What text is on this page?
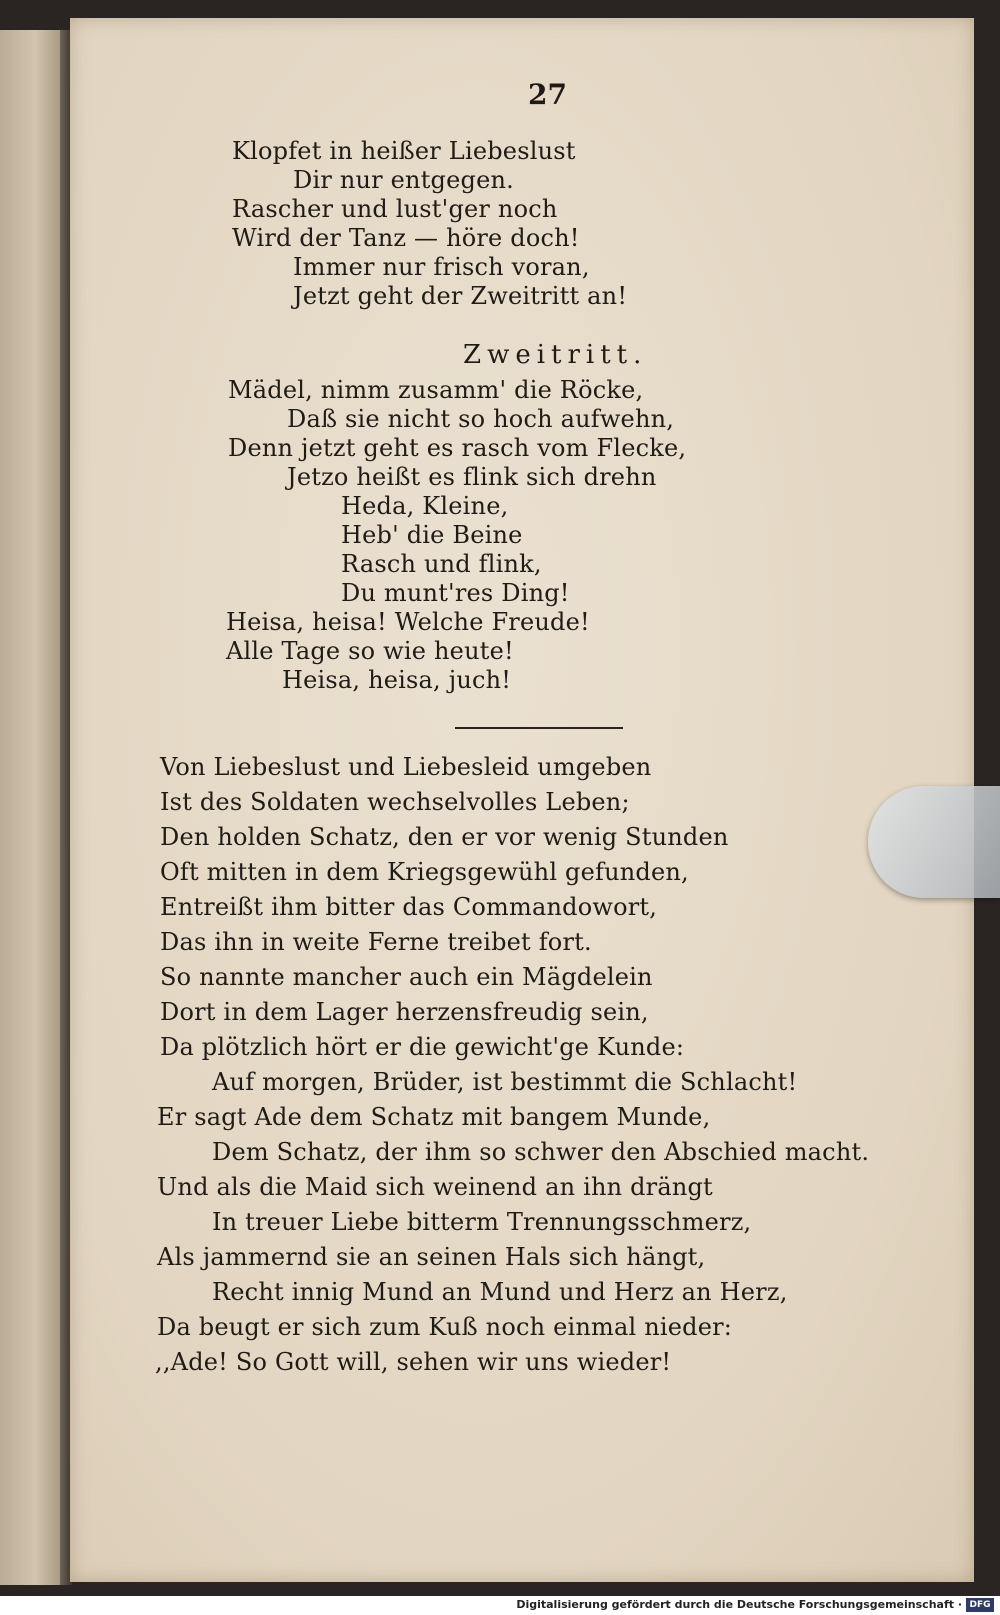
27
Klopfet in heißer Liebeslust
Dir nur entgegen.
Rascher und lust'ger noch
Wird der Tanz — höre doch!
Immer nur frisch voran,
Jetzt geht der Zweitritt an!
Zweitritt.
Mädel, nimm zusamm' die Röcke,
Daß sie nicht so hoch aufwehn,
Denn jetzt geht es rasch vom Flecke,
Jetzo heißt es flink sich drehn
Heda, Kleine,
Heb' die Beine
Rasch und flink,
Du munt'res Ding!
Heisa, heisa! Welche Freude!
Alle Tage so wie heute!
Heisa, heisa, juch!
Von Liebeslust und Liebesleid umgeben
Ist des Soldaten wechselvolles Leben;
Den holden Schatz, den er vor wenig Stunden
Oft mitten in dem Kriegsgewühl gefunden,
Entreißt ihm bitter das Commandowort,
Das ihn in weite Ferne treibet fort.
So nannte mancher auch ein Mägdelein
Dort in dem Lager herzensfreudig sein,
Da plötzlich hört er die gewicht'ge Kunde:
Auf morgen, Brüder, ist bestimmt die Schlacht!
Er sagt Ade dem Schatz mit bangem Munde,
Dem Schatz, der ihm so schwer den Abschied macht.
Und als die Maid sich weinend an ihn drängt
In treuer Liebe bitterm Trennungsschmerz,
Als jammernd sie an seinen Hals sich hängt,
Recht innig Mund an Mund und Herz an Herz,
Da beugt er sich zum Kuß noch einmal nieder:
,,Ade! So Gott will, sehen wir uns wieder!
Digitalisierung gefördert durch die Deutsche Forschungsgemeinschaft · DFG
